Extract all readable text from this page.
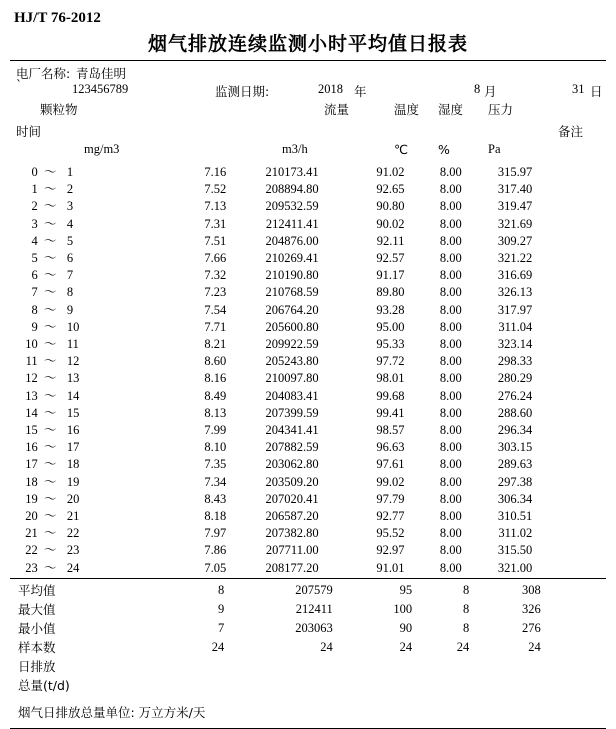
HJ/T 76-2012
烟气排放连续监测小时平均值日报表
电厂名称: 青岛佳明
`	123456789	监测日期:	2018 年	8 月	31 日
颗粒物	流量	温度 湿度 压力
时间	备注
mg/m3	m3/h	℃ %	Pa
0	～	1		7.16	210173.41	91.02	8.00	315.97	
1	～	2		7.52	208894.80	92.65	8.00	317.40	
2	～	3		7.13	209532.59	90.80	8.00	319.47	
3	～	4		7.31	212411.41	90.02	8.00	321.69	
4	～	5		7.51	204876.00	92.11	8.00	309.27	
5	～	6		7.66	210269.41	92.57	8.00	321.22	
6	～	7		7.32	210190.80	91.17	8.00	316.69	
7	～	8		7.23	210768.59	89.80	8.00	326.13	
8	～	9		7.54	206764.20	93.28	8.00	317.97	
9	～	10		7.71	205600.80	95.00	8.00	311.04	
10	～	11		8.21	209922.59	95.33	8.00	323.14	
11	～	12		8.60	205243.80	97.72	8.00	298.33	
12	～	13		8.16	210097.80	98.01	8.00	280.29	
13	～	14		8.49	204083.41	99.68	8.00	276.24	
14	～	15		8.13	207399.59	99.41	8.00	288.60	
15	～	16		7.99	204341.41	98.57	8.00	296.34	
16	～	17		8.10	207882.59	96.63	8.00	303.15	
17	～	18		7.35	203062.80	97.61	8.00	289.63	
18	～	19		7.34	203509.20	99.02	8.00	297.38	
19	～	20		8.43	207020.41	97.79	8.00	306.34	
20	～	21		8.18	206587.20	92.77	8.00	310.51	
21	～	22		7.97	207382.80	95.52	8.00	311.02	
22	～	23		7.86	207711.00	92.97	8.00	315.50	
23	～	24		7.05	208177.20	91.01	8.00	321.00	
平均值	8	207579	95	8	308	
最大值	9	212411	100	8	326	
最小值	7	203063	90	8	276	
样本数	24	24	24	24	24	
日排放						
总量(t/d)						
烟气日排放总量单位: 万立方米/天
